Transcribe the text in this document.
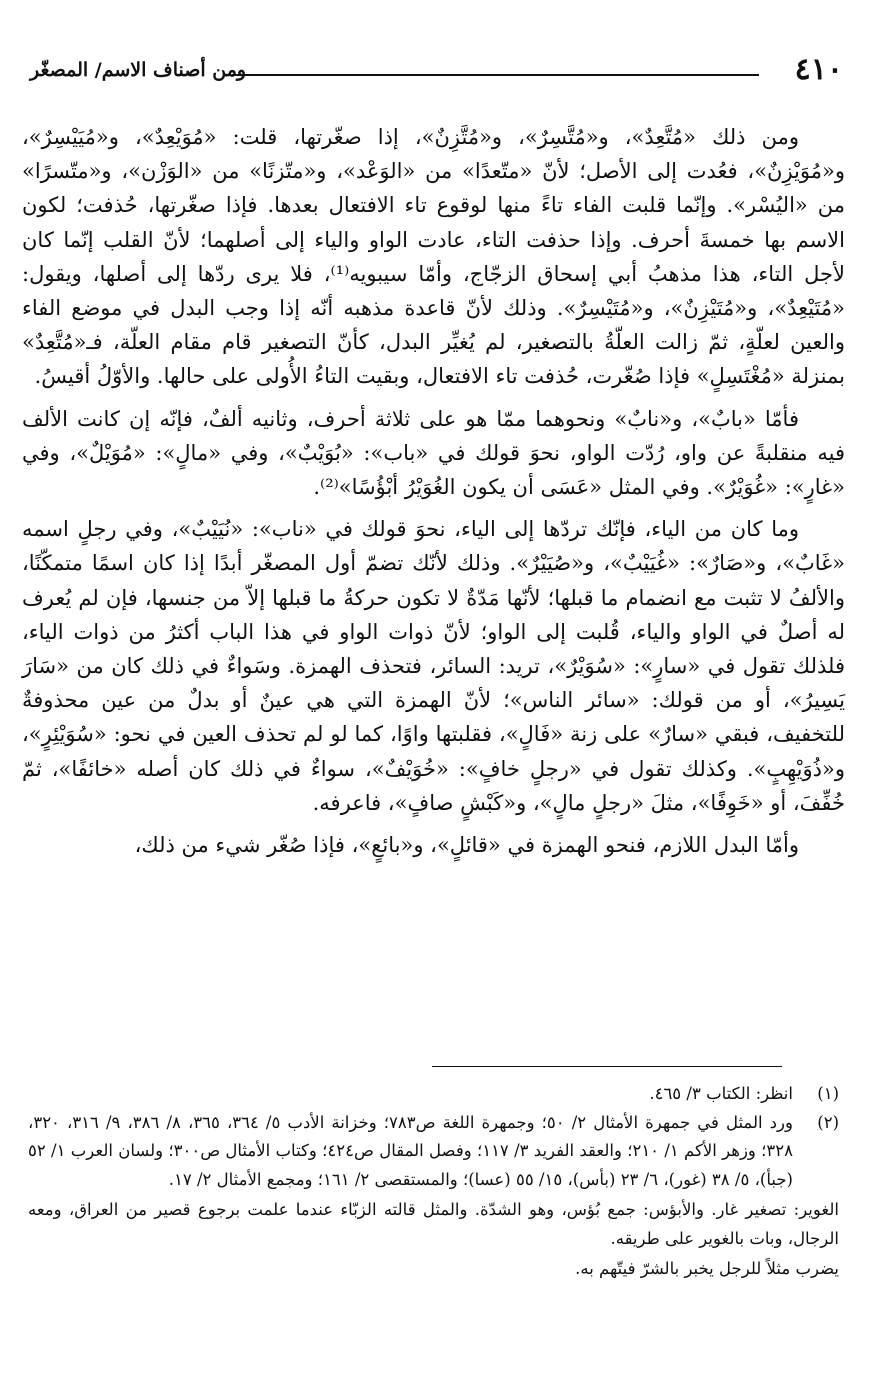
٤١٠
ومن أصناف الاسم/ المصغّر

ومن ذلك «مُتَّعِدٌ»، و«مُتَّسِرٌ»، و«مُتَّزِنٌ»، إذا صغّرتها، قلت: «مُوَيْعِدٌ»، و«مُيَيْسِرٌ»، و«مُوَيْزِنٌ»، فعُدت إلى الأصل؛ لأنّ «متّعدًا» من «الوَعْد»، و«متّزنًا» من «الوَزْن»، و«متّسرًا» من «اليُسْر». وإنّما قلبت الفاء تاءً منها لوقوع تاء الافتعال بعدها. فإذا صغّرتها، حُذفت؛ لكون الاسم بها خمسةَ أحرف. وإذا حذفت التاء، عادت الواو والياء إلى أصلهما؛ لأنّ القلب إنّما كان لأجل التاء، هذا مذهبُ أبي إسحاق الزجّاج، وأمّا سيبويه⁽¹⁾، فلا يرى ردّها إلى أصلها، ويقول: «مُتَيْعِدٌ»، و«مُتَيْزِنٌ»، و«مُتَيْسِرٌ». وذلك لأنّ قاعدة مذهبه أنّه إذا وجب البدل في موضع الفاء والعين لعلّةٍ، ثمّ زالت العلّةُ بالتصغير، لم يُغيِّر البدل، كأنّ التصغير قام مقام العلّة، فـ«مُتَّعِدٌ» بمنزلة «مُغْتَسِلٍ» فإذا صُغّرت، حُذفت تاء الافتعال، وبقيت التاءُ الأُولى على حالها. والأوّلُ أقيسُ.

فأمّا «بابٌ»، و«نابٌ» ونحوهما ممّا هو على ثلاثة أحرف، وثانيه ألفٌ، فإنّه إن كانت الألف فيه منقلبةً عن واو، رُدّت الواو، نحوَ قولك في «باب»: «بُوَيْبٌ»، وفي «مالٍ»: «مُوَيْلٌ»، وفي «غارٍ»: «غُوَيْرٌ». وفي المثل «عَسَى أن يكون الغُوَيْرُ أبْؤُسًا»⁽²⁾.

وما كان من الياء، فإنّك تردّها إلى الياء، نحوَ قولك في «ناب»: «نُيَيْبٌ»، وفي رجلٍ اسمه «غَابٌ»، و«صَارٌ»: «غُيَيْبٌ»، و«صُيَيْرٌ». وذلك لأنّك تضمّ أول المصغّر أبدًا إذا كان اسمًا متمكّنًا، والألفُ لا تثبت مع انضمام ما قبلها؛ لأنّها مَدّةٌ لا تكون حركةُ ما قبلها إلاّ من جنسها، فإن لم يُعرف له أصلٌ في الواو والياء، قُلبت إلى الواو؛ لأنّ ذوات الواو في هذا الباب أكثرُ من ذوات الياء، فلذلك تقول في «سارٍ»: «سُوَيْرٌ»، تريد: السائر، فتحذف الهمزة. وسَواءٌ في ذلك كان من «سَارَ يَسِيرُ»، أو من قولك: «سائر الناس»؛ لأنّ الهمزة التي هي عينٌ أو بدلٌ من عين محذوفةٌ للتخفيف، فبقي «سارٌ» على زنة «فَالٍ»، فقلبتها واوًا، كما لو لم تحذف العين في نحو: «سُوَيْئِرٍ»، و«ذُوَيْهِبٍ». وكذلك تقول في «رجلٍ خافٍ»: «خُوَيْفٌ»، سواءٌ في ذلك كان أصله «خائفًا»، ثمّ خُفِّفَ، أو «خَوِفًا»، مثلَ «رجلٍ مالٍ»، و«كَبْشٍ صافٍ»، فاعرفه.

وأمّا البدل اللازم، فنحو الهمزة في «قائلٍ»، و«بائعٍ»، فإذا صُغّر شيء من ذلك،

(١)

انظر: الكتاب ٣/ ٤٦٥.

(٢)

ورد المثل في جمهرة الأمثال ٢/ ٥٠؛ وجمهرة اللغة ص٧٨٣؛ وخزانة الأدب ٥/ ٣٦٤، ٣٦٥، ٨/ ٣٨٦، ٩/ ٣١٦، ٣٢٠، ٣٢٨؛ وزهر الأكم ١/ ٢١٠؛ والعقد الفريد ٣/ ١١٧؛ وفصل المقال ص٤٢٤؛ وكتاب الأمثال ص٣٠٠؛ ولسان العرب ١/ ٥٢ (جبأ)، ٥/ ٣٨ (غور)، ٦/ ٢٣ (بأس)، ١٥/ ٥٥ (عسا)؛ والمستقصى ٢/ ١٦١؛ ومجمع الأمثال ٢/ ١٧.

الغوير: تصغير غار. والأبؤس: جمع بُؤس، وهو الشدّة. والمثل قالته الزبّاء عندما علمت برجوع قصير من العراق، ومعه الرجال، وبات بالغوير على طريقه.

يضرب مثلاً للرجل يخبر بالشرّ فيتّهم به.
